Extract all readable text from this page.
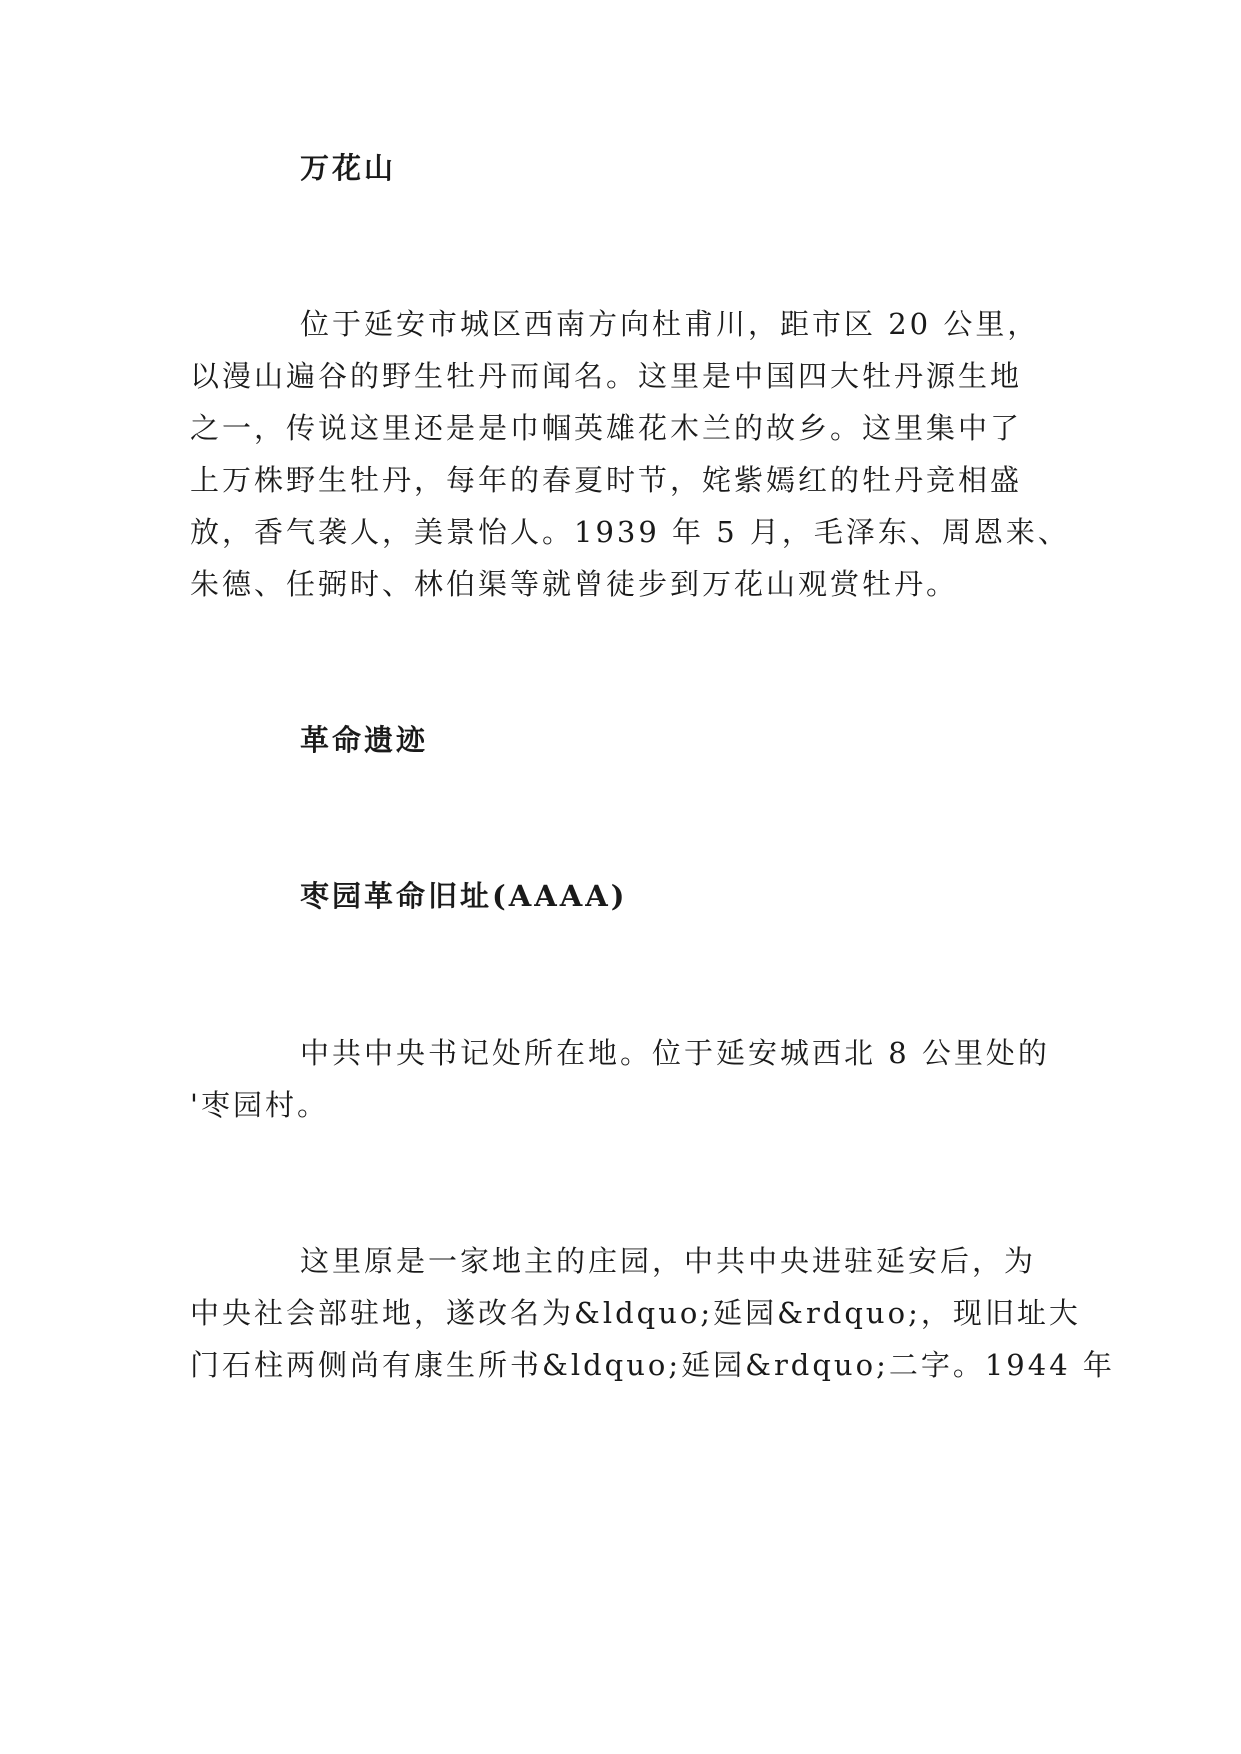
万花山

位于延安市城区西南方向杜甫川，距市区 20 公里，

以漫山遍谷的野生牡丹而闻名。这里是中国四大牡丹源生地

之一，传说这里还是是巾帼英雄花木兰的故乡。这里集中了

上万株野生牡丹，每年的春夏时节，姹紫嫣红的牡丹竞相盛

放，香气袭人，美景怡人。1939 年 5 月，毛泽东、周恩来、

朱德、任弼时、林伯渠等就曾徒步到万花山观赏牡丹。

革命遗迹
枣园革命旧址(AAAA)

中共中央书记处所在地。位于延安城西北 8 公里处的

'枣园村。

这里原是一家地主的庄园，中共中央进驻延安后，为

中央社会部驻地，遂改名为&ldquo;延园&rdquo;，现旧址大

门石柱两侧尚有康生所书&ldquo;延园&rdquo;二字。1944 年
